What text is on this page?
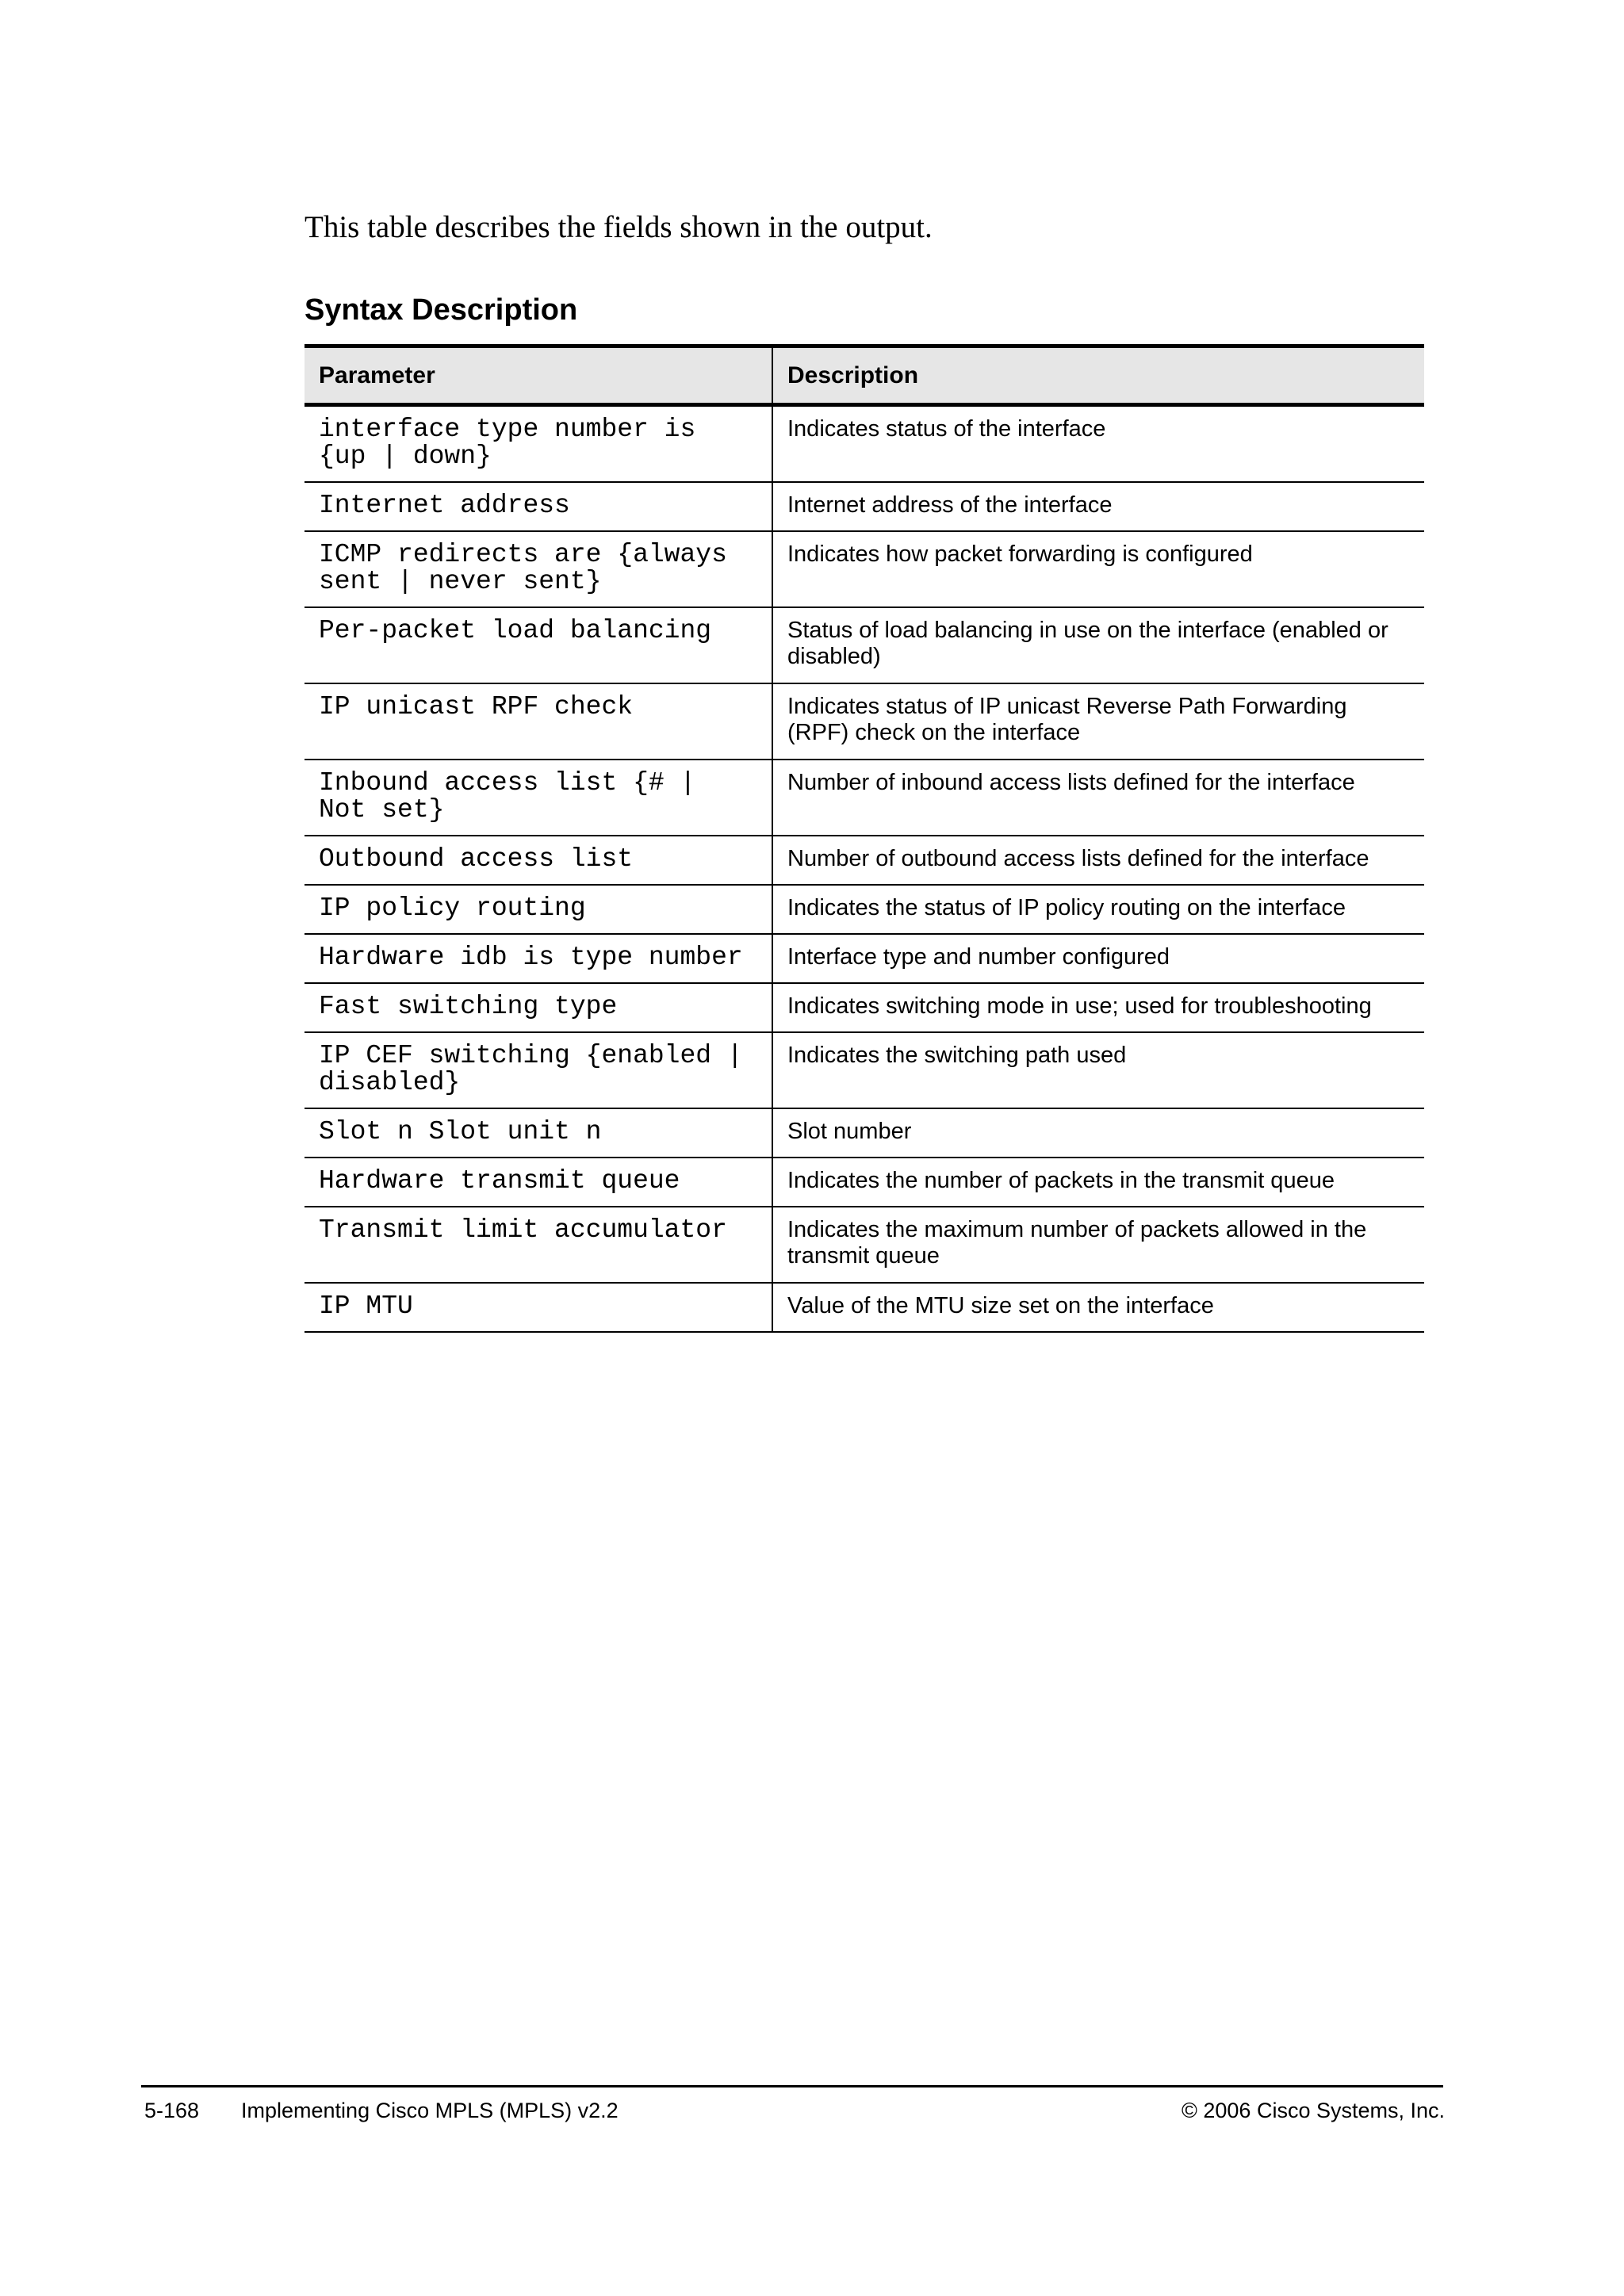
This table describes the fields shown in the output.
Syntax Description
Parameter	Description
interface type number is {up | down}	Indicates status of the interface
Internet address	Internet address of the interface
ICMP redirects are {always sent | never sent}	Indicates how packet forwarding is configured
Per-packet load balancing	Status of load balancing in use on the interface (enabled or disabled)
IP unicast RPF check	Indicates status of IP unicast Reverse Path Forwarding (RPF) check on the interface
Inbound access list {# | Not set}	Number of inbound access lists defined for the interface
Outbound access list	Number of outbound access lists defined for the interface
IP policy routing	Indicates the status of IP policy routing on the interface
Hardware idb is type number	Interface type and number configured
Fast switching type	Indicates switching mode in use; used for troubleshooting
IP CEF switching {enabled | disabled}	Indicates the switching path used
Slot n Slot unit n	Slot number
Hardware transmit queue	Indicates the number of packets in the transmit queue
Transmit limit accumulator	Indicates the maximum number of packets allowed in the transmit queue
IP MTU	Value of the MTU size set on the interface
5-168 Implementing Cisco MPLS (MPLS) v2.2	© 2006 Cisco Systems, Inc.
